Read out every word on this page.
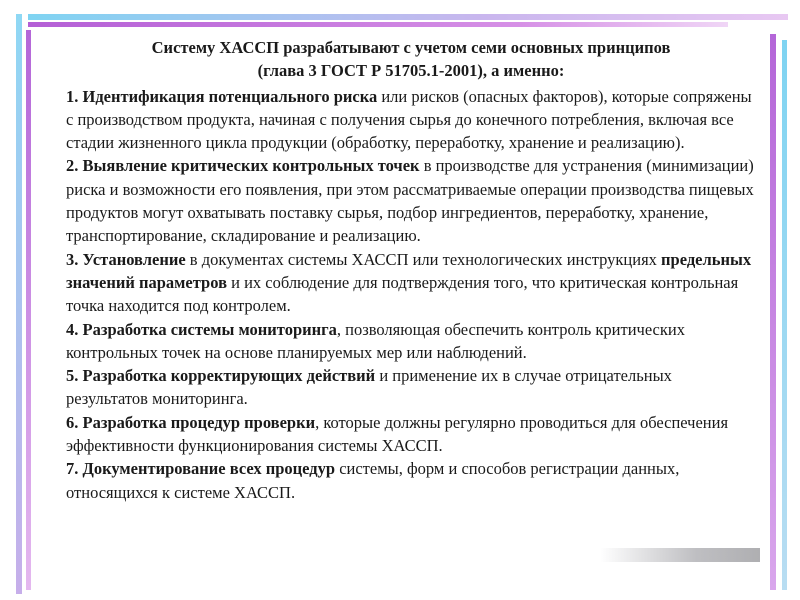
Систему ХАССП разрабатывают с учетом семи основных принципов
(глава 3 ГОСТ Р 51705.1-2001), а именно:

1. Идентификация потенциального риска или рисков (опасных факторов), которые сопряжены с производством продукта, начиная с получения сырья до конечного потребления, включая все стадии жизненного цикла продукции (обработку, переработку, хранение и реализацию).

2. Выявление критических контрольных точек в производстве для устранения (минимизации) риска и возможности его появления, при этом рассматриваемые операции производства пищевых продуктов могут охватывать поставку сырья, подбор ингредиентов, переработку, хранение, транспортирование, складирование и реализацию.

3. Установление в документах системы ХАССП или технологических инструкциях предельных значений параметров и их соблюдение для подтверждения того, что критическая контрольная точка находится под контролем.

4. Разработка системы мониторинга, позволяющая обеспечить контроль критических контрольных точек на основе планируемых мер или наблюдений.

5. Разработка корректирующих действий и применение их в случае отрицательных результатов мониторинга.

6. Разработка процедур проверки, которые должны регулярно проводиться для обеспечения эффективности функционирования системы ХАССП.

7. Документирование всех процедур системы, форм и способов регистрации данных, относящихся к системе ХАССП.
